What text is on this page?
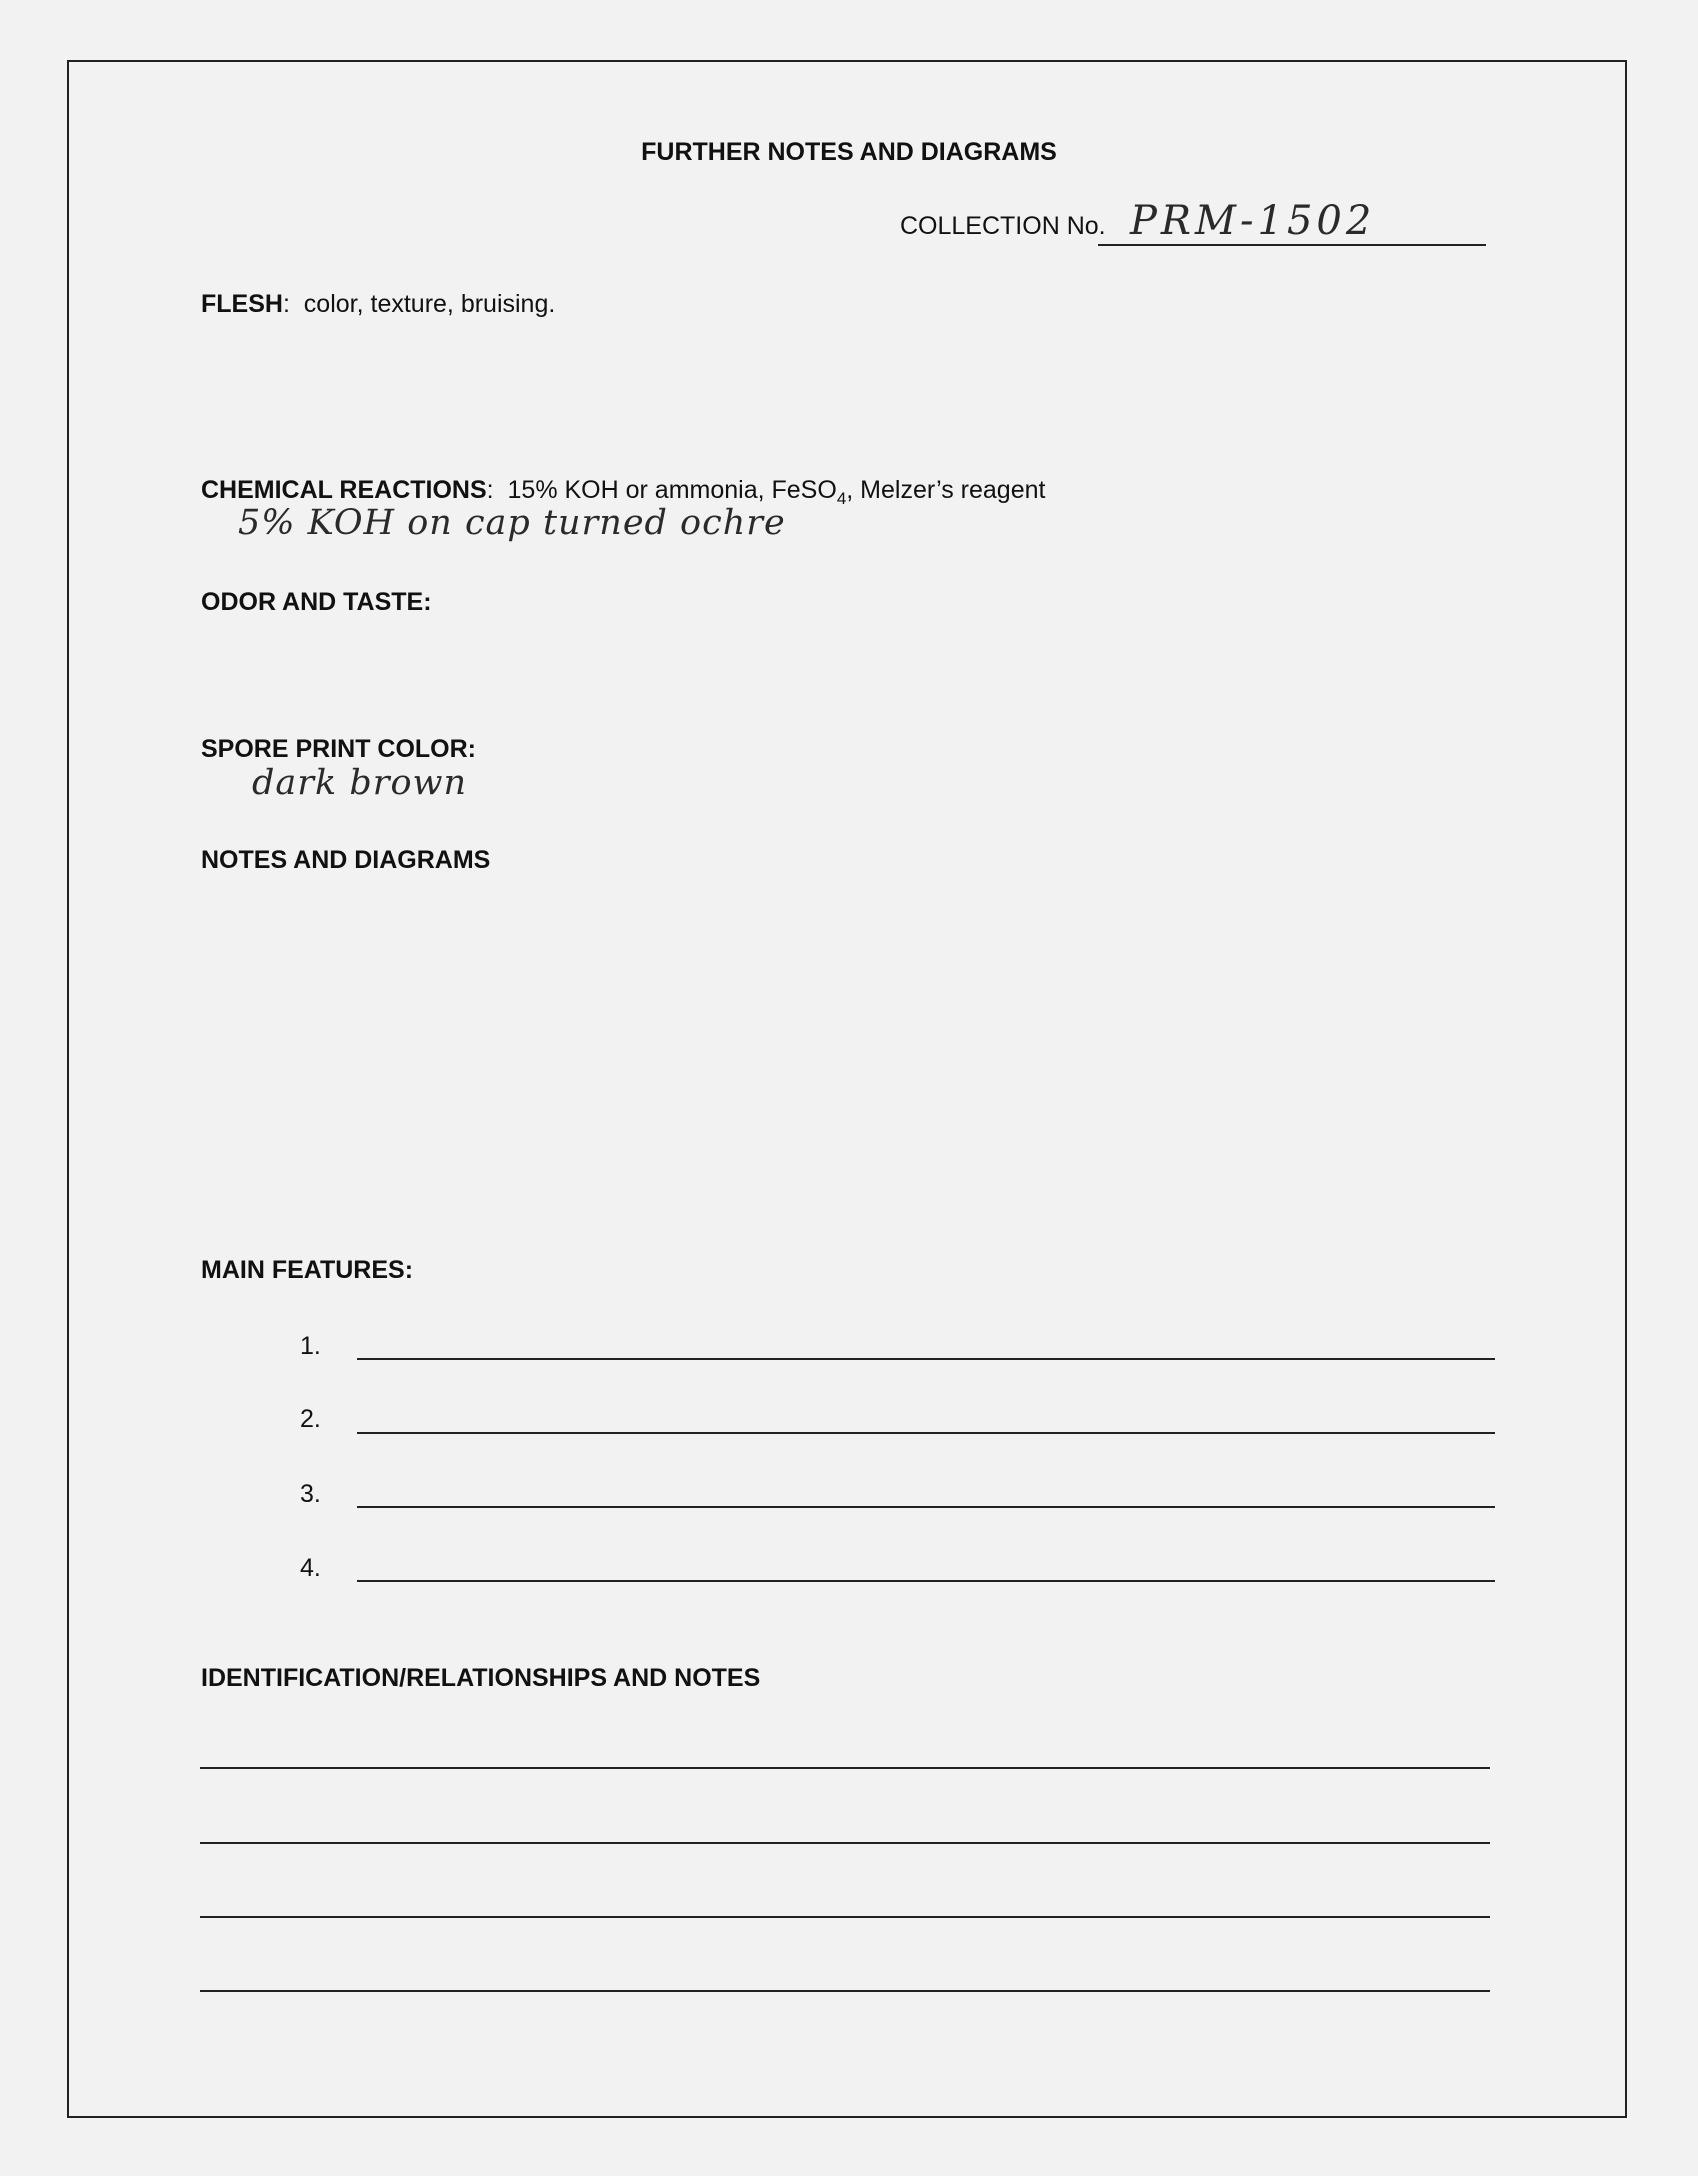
FURTHER NOTES AND DIAGRAMS
COLLECTION No. PRM-1502
FLESH:  color, texture, bruising.
CHEMICAL REACTIONS:  15% KOH or ammonia, FeSO$_4$, Melzer’s reagent
5% KOH on cap turned ochre
ODOR AND TASTE:
SPORE PRINT COLOR:
dark brown
NOTES AND DIAGRAMS
MAIN FEATURES:
1.
2.
3.
4.
IDENTIFICATION/RELATIONSHIPS AND NOTES
